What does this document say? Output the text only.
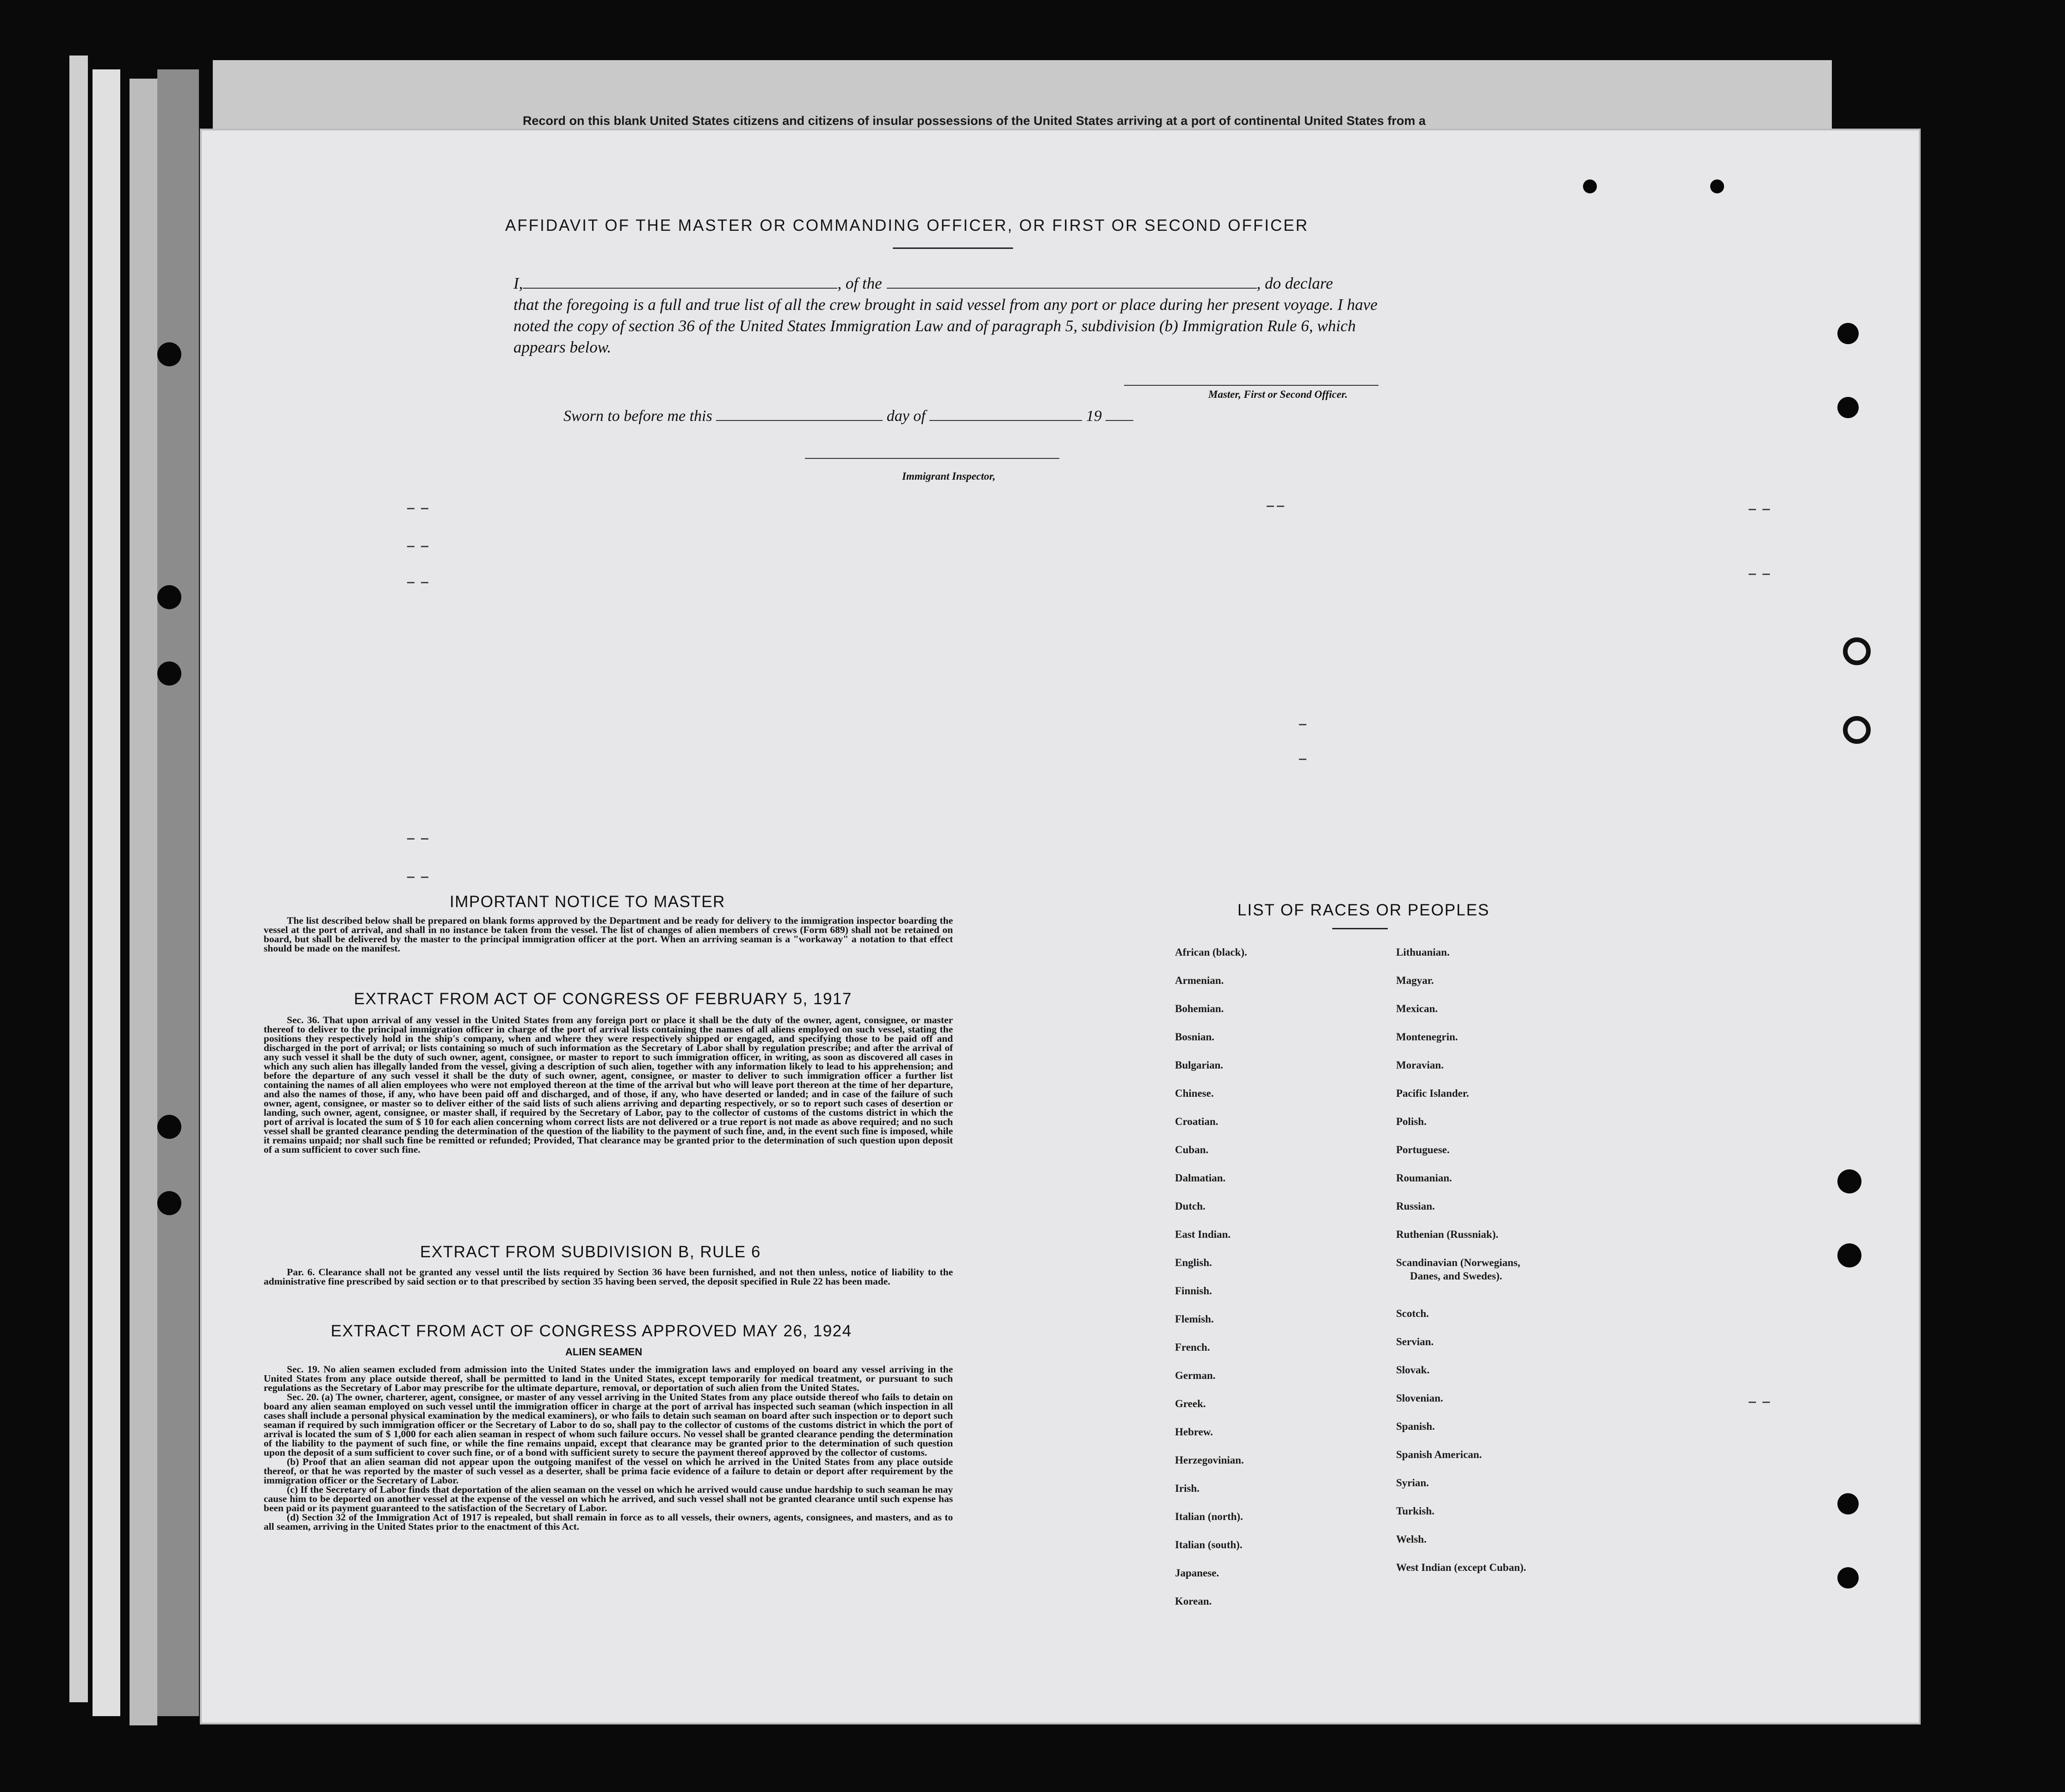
Record on this blank United States citizens and citizens of insular possessions of the United States arriving at a port of continental United States from a
AFFIDAVIT OF THE MASTER OR COMMANDING OFFICER, OR FIRST OR SECOND OFFICER
I,	, of the	, do declare
that the foregoing is a full and true list of all the crew brought in said vessel from any port or place during her present voyage. I have noted the copy of section 36 of the United States Immigration Law and of paragraph 5, subdivision (b) Immigration Rule 6, which appears below.
Master, First or Second Officer.
Sworn to before me this	day of	19
Immigrant Inspector,
IMPORTANT NOTICE TO MASTER

The list described below shall be prepared on blank forms approved by the Department and be ready for delivery to the immigration inspector boarding the vessel at the port of arrival, and shall in no instance be taken from the vessel. The list of changes of alien members of crews (Form 689) shall not be retained on board, but shall be delivered by the master to the principal immigration officer at the port. When an arriving seaman is a "workaway" a notation to that effect should be made on the manifest.

EXTRACT FROM ACT OF CONGRESS OF FEBRUARY 5, 1917

Sec. 36. That upon arrival of any vessel in the United States from any foreign port or place it shall be the duty of the owner, agent, consignee, or master thereof to deliver to the principal immigration officer in charge of the port of arrival lists containing the names of all aliens employed on such vessel, stating the positions they respectively hold in the ship's company, when and where they were respectively shipped or engaged, and specifying those to be paid off and discharged in the port of arrival; or lists containing so much of such information as the Secretary of Labor shall by regulation prescribe; and after the arrival of any such vessel it shall be the duty of such owner, agent, consignee, or master to report to such immigration officer, in writing, as soon as discovered all cases in which any such alien has illegally landed from the vessel, giving a description of such alien, together with any information likely to lead to his apprehension; and before the departure of any such vessel it shall be the duty of such owner, agent, consignee, or master to deliver to such immigration officer a further list containing the names of all alien employees who were not employed thereon at the time of the arrival but who will leave port thereon at the time of her departure, and also the names of those, if any, who have been paid off and discharged, and of those, if any, who have deserted or landed; and in case of the failure of such owner, agent, consignee, or master so to deliver either of the said lists of such aliens arriving and departing respectively, or so to report such cases of desertion or landing, such owner, agent, consignee, or master shall, if required by the Secretary of Labor, pay to the collector of customs of the customs district in which the port of arrival is located the sum of $ 10 for each alien concerning whom correct lists are not delivered or a true report is not made as above required; and no such vessel shall be granted clearance pending the determination of the question of the liability to the payment of such fine, and, in the event such fine is imposed, while it remains unpaid; nor shall such fine be remitted or refunded; Provided, That clearance may be granted prior to the determination of such question upon deposit of a sum sufficient to cover such fine.

EXTRACT FROM SUBDIVISION B, RULE 6

Par. 6. Clearance shall not be granted any vessel until the lists required by Section 36 have been furnished, and not then unless, notice of liability to the administrative fine prescribed by said section or to that prescribed by section 35 having been served, the deposit specified in Rule 22 has been made.

EXTRACT FROM ACT OF CONGRESS APPROVED MAY 26, 1924
ALIEN SEAMEN

Sec. 19. No alien seamen excluded from admission into the United States under the immigration laws and employed on board any vessel arriving in the United States from any place outside thereof, shall be permitted to land in the United States, except temporarily for medical treatment, or pursuant to such regulations as the Secretary of Labor may prescribe for the ultimate departure, removal, or deportation of such alien from the United States.

Sec. 20. (a) The owner, charterer, agent, consignee, or master of any vessel arriving in the United States from any place outside thereof who fails to detain on board any alien seaman employed on such vessel until the immigration officer in charge at the port of arrival has inspected such seaman (which inspection in all cases shall include a personal physical examination by the medical examiners), or who fails to detain such seaman on board after such inspection or to deport such seaman if required by such immigration officer or the Secretary of Labor to do so, shall pay to the collector of customs of the customs district in which the port of arrival is located the sum of $ 1,000 for each alien seaman in respect of whom such failure occurs. No vessel shall be granted clearance pending the determination of the liability to the payment of such fine, or while the fine remains unpaid, except that clearance may be granted prior to the determination of such question upon the deposit of a sum sufficient to cover such fine, or of a bond with sufficient surety to secure the payment thereof approved by the collector of customs.

(b) Proof that an alien seaman did not appear upon the outgoing manifest of the vessel on which he arrived in the United States from any place outside thereof, or that he was reported by the master of such vessel as a deserter, shall be prima facie evidence of a failure to detain or deport after requirement by the immigration officer or the Secretary of Labor.

(c) If the Secretary of Labor finds that deportation of the alien seaman on the vessel on which he arrived would cause undue hardship to such seaman he may cause him to be deported on another vessel at the expense of the vessel on which he arrived, and such vessel shall not be granted clearance until such expense has been paid or its payment guaranteed to the satisfaction of the Secretary of Labor.

(d) Section 32 of the Immigration Act of 1917 is repealed, but shall remain in force as to all vessels, their owners, agents, consignees, and masters, and as to all seamen, arriving in the United States prior to the enactment of this Act.

LIST OF RACES OR PEOPLES
African (black).
Armenian.
Bohemian.
Bosnian.
Bulgarian.
Chinese.
Croatian.
Cuban.
Dalmatian.
Dutch.
East Indian.
English.
Finnish.
Flemish.
French.
German.
Greek.
Hebrew.
Herzegovinian.
Irish.
Italian (north).
Italian (south).
Japanese.
Korean.
Lithuanian.
Magyar.
Mexican.
Montenegrin.
Moravian.
Pacific Islander.
Polish.
Portuguese.
Roumanian.
Russian.
Ruthenian (Russniak).
Scandinavian (Norwegians,
Danes, and Swedes).
Scotch.
Servian.
Slovak.
Slovenian.
Spanish.
Spanish American.
Syrian.
Turkish.
Welsh.
West Indian (except Cuban).
